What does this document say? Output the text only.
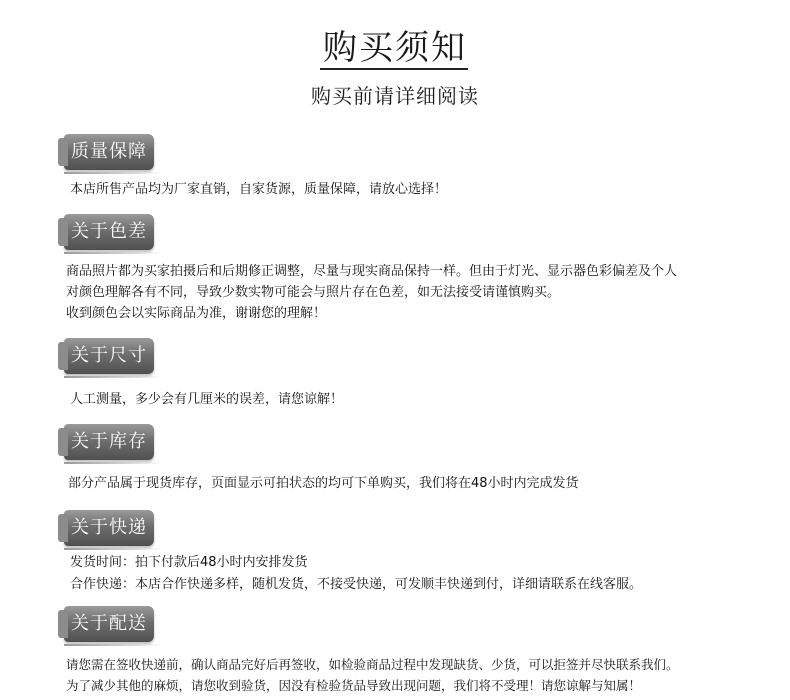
购买须知
购买前请详细阅读
质量保障
本店所售产品均为厂家直销，自家货源，质量保障，请放心选择！
关于色差
商品照片都为买家拍摄后和后期修正调整，尽量与现实商品保持一样。但由于灯光、显示器色彩偏差及个人
对颜色理解各有不同，导致少数实物可能会与照片存在色差，如无法接受请谨慎购买。
收到颜色会以实际商品为准，谢谢您的理解！
关于尺寸
人工测量，多少会有几厘米的误差，请您谅解！
关于库存
部分产品属于现货库存，页面显示可拍状态的均可下单购买，我们将在48小时内完成发货
关于快递
发货时间：拍下付款后48小时内安排发货
合作快递：本店合作快递多样，随机发货，不接受快递，可发顺丰快递到付，详细请联系在线客服。
关于配送
请您需在签收快递前，确认商品完好后再签收，如检验商品过程中发现缺货、少货，可以拒签并尽快联系我们。
为了减少其他的麻烦，请您收到验货，因没有检验货品导致出现问题，我们将不受理！请您谅解与知属！
